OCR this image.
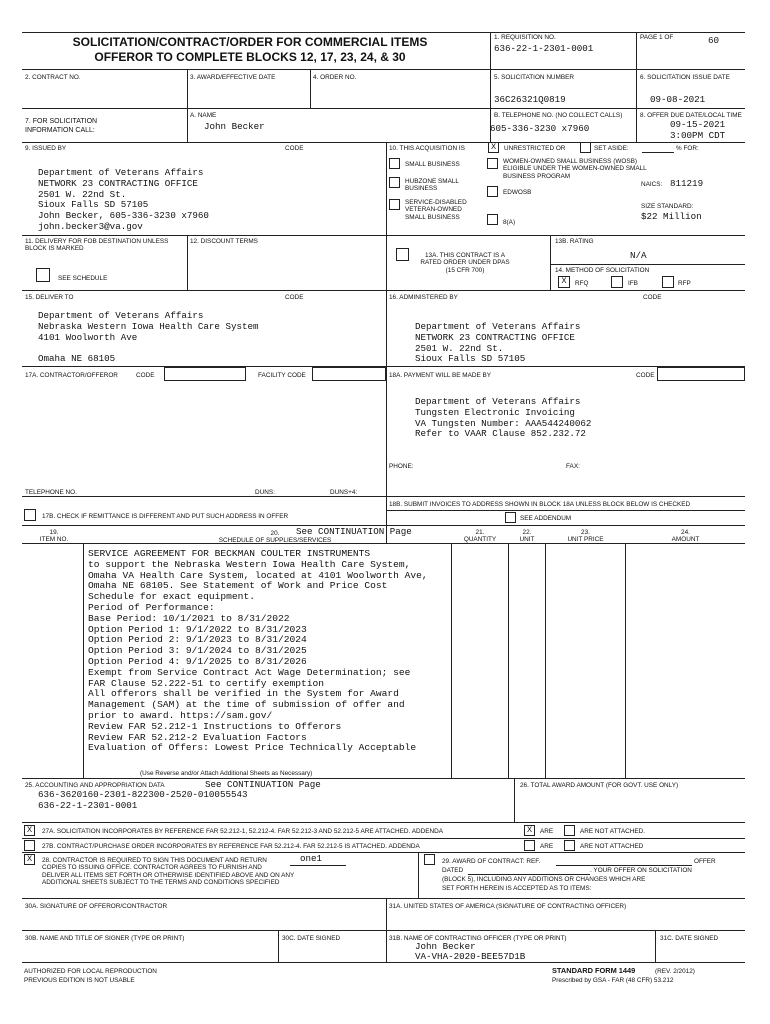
SOLICITATION/CONTRACT/ORDER FOR COMMERCIAL ITEMS
OFFEROR TO COMPLETE BLOCKS 12, 17, 23, 24, & 30
1. REQUISITION NO.
636-22-1-2301-0001
PAGE 1 OF	60
2. CONTRACT NO.	3. AWARD/EFFECTIVE DATE	4. ORDER NO.	5. SOLICITATION NUMBER
36C26321Q0819
6. SOLICITATION ISSUE DATE
09-08-2021
7. FOR SOLICITATION
INFORMATION CALL:
A. NAME
John Becker
B. TELEPHONE NO. (NO COLLECT CALLS)
605-336-3230 x7960
8. OFFER DUE DATE/LOCAL TIME
09-15-2021
3:00PM CDT
9. ISSUED BY	CODE
Department of Veterans Affairs
NETWORK 23 CONTRACTING OFFICE
2501 W. 22nd St.
Sioux Falls SD 57105
John Becker, 605-336-3230 x7960
john.becker3@va.gov
10. THIS ACQUISITION IS	X	UNRESTRICTED OR	SET ASIDE:	% FOR:
SMALL BUSINESS
HUBZONE SMALL BUSINESS
SERVICE-DISABLED VETERAN-OWNED SMALL BUSINESS
WOMEN-OWNED SMALL BUSINESS (WOSB) ELIGIBLE UNDER THE WOMEN-OWNED SMALL BUSINESS PROGRAM
EDWOSB
8(A)
NAICS: 811219
SIZE STANDARD:
$22 Million
11. DELIVERY FOR FOB DESTINATION UNLESS BLOCK IS MARKED
SEE SCHEDULE
12. DISCOUNT TERMS
13A. THIS CONTRACT IS A RATED ORDER UNDER DPAS (15 CFR 700)
13B. RATING
N/A
14. METHOD OF SOLICITATION
X	RFQ	IFB	RFP
15. DELIVER TO	CODE
Department of Veterans Affairs
Nebraska Western Iowa Health Care System
4101 Woolworth Ave

Omaha NE 68105
16. ADMINISTERED BY	CODE
Department of Veterans Affairs
NETWORK 23 CONTRACTING OFFICE
2501 W. 22nd St.
Sioux Falls SD 57105
17A. CONTRACTOR/OFFEROR	CODE	FACILITY CODE
TELEPHONE NO.	DUNS:	DUNS+4:
17B. CHECK IF REMITTANCE IS DIFFERENT AND PUT SUCH ADDRESS IN OFFER
18A. PAYMENT WILL BE MADE BY	CODE
Department of Veterans Affairs
Tungsten Electronic Invoicing
VA Tungsten Number: AAA544240062
Refer to VAAR Clause 852.232.72
PHONE:	FAX:
18B. SUBMIT INVOICES TO ADDRESS SHOWN IN BLOCK 18A UNLESS BLOCK BELOW IS CHECKED
SEE ADDENDUM
19.
ITEM NO.
20.
SCHEDULE OF SUPPLIES/SERVICES
See CONTINUATION Page	21.
QUANTITY
22.
UNIT
23.
UNIT PRICE
24.
AMOUNT
SERVICE AGREEMENT FOR BECKMAN COULTER INSTRUMENTS
to support the Nebraska Western Iowa Health Care System,
Omaha VA Health Care System, located at 4101 Woolworth Ave,
Omaha NE 68105. See Statement of Work and Price Cost
Schedule for exact equipment.
Period of Performance:
Base Period: 10/1/2021 to 8/31/2022
Option Period 1: 9/1/2022 to 8/31/2023
Option Period 2: 9/1/2023 to 8/31/2024
Option Period 3: 9/1/2024 to 8/31/2025
Option Period 4: 9/1/2025 to 8/31/2026
Exempt from Service Contract Act Wage Determination; see
FAR Clause 52.222-51 to certify exemption
All offerors shall be verified in the System for Award
Management (SAM) at the time of submission of offer and
prior to award. https://sam.gov/
Review FAR 52.212-1 Instructions to Offerors
Review FAR 52.212-2 Evaluation Factors
Evaluation of Offers: Lowest Price Technically Acceptable
(Use Reverse and/or Attach Additional Sheets as Necessary)
25. ACCOUNTING AND APPROPRIATION DATA	See CONTINUATION Page
636-3620160-2301-822300-2520-010055543
636-22-1-2301-0001
26. TOTAL AWARD AMOUNT (FOR GOVT. USE ONLY)
X	27A. SOLICITATION INCORPORATES BY REFERENCE FAR 52.212-1, 52.212-4. FAR 52.212-3 AND 52.212-5 ARE ATTACHED. ADDENDA	X	ARE	ARE NOT ATTACHED.
27B. CONTRACT/PURCHASE ORDER INCORPORATES BY REFERENCE FAR 52.212-4. FAR 52.212-5 IS ATTACHED. ADDENDA	ARE	ARE NOT ATTACHED
X	28. CONTRACTOR IS REQUIRED TO SIGN THIS DOCUMENT AND RETURN
COPIES TO ISSUING OFFICE. CONTRACTOR AGREES TO FURNISH AND
DELIVER ALL ITEMS SET FORTH OR OTHERWISE IDENTIFIED ABOVE AND ON ANY
ADDITIONAL SHEETS SUBJECT TO THE TERMS AND CONDITIONS SPECIFIED
one1	29. AWARD OF CONTRACT: REF.	OFFER
DATED	. YOUR OFFER ON SOLICITATION
(BLOCK 5), INCLUDING ANY ADDITIONS OR CHANGES WHICH ARE
SET FORTH HEREIN IS ACCEPTED AS TO ITEMS:
30A. SIGNATURE OF OFFEROR/CONTRACTOR	31A. UNITED STATES OF AMERICA (SIGNATURE OF CONTRACTING OFFICER)
30B. NAME AND TITLE OF SIGNER (TYPE OR PRINT)	30C. DATE SIGNED	31B. NAME OF CONTRACTING OFFICER (TYPE OR PRINT)
John Becker
VA-VHA-2020-BEE57D1B
31C. DATE SIGNED
AUTHORIZED FOR LOCAL REPRODUCTION
PREVIOUS EDITION IS NOT USABLE
STANDARD FORM 1449	(REV. 2/2012)
Prescribed by GSA - FAR (48 CFR) 53.212
